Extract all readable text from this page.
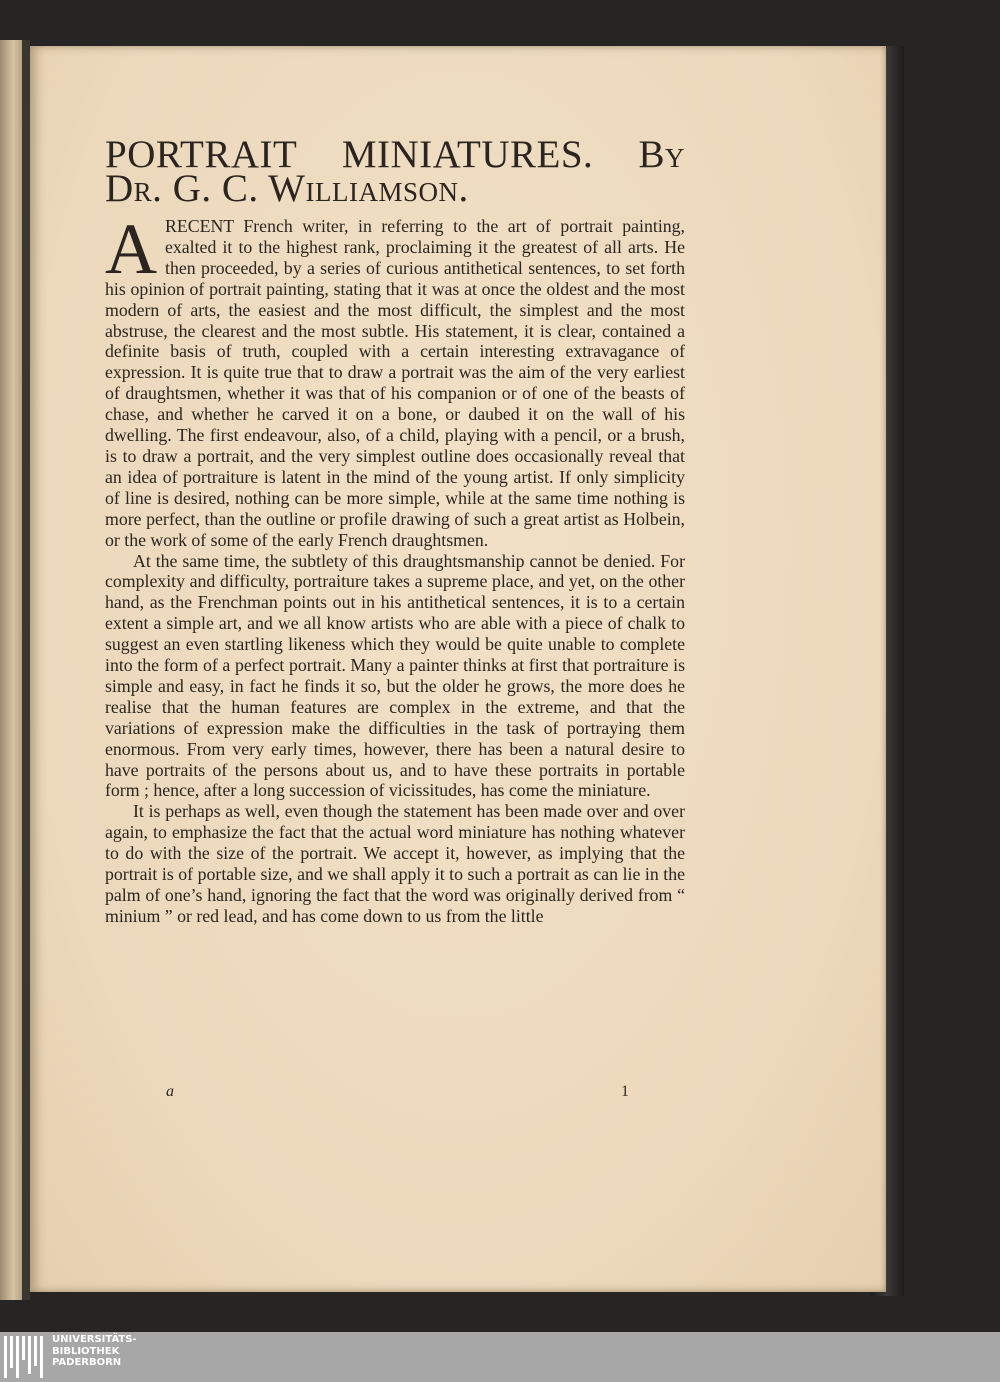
PORTRAIT MINIATURES. By
Dr. G. C. Williamson.

ARECENT French writer, in referring to the art of portrait painting, exalted it to the highest rank, proclaiming it the greatest of all arts. He then proceeded, by a series of curious antithetical sentences, to set forth his opinion of portrait painting, stating that it was at once the oldest and the most modern of arts, the easiest and the most difficult, the simplest and the most abstruse, the clearest and the most subtle. His statement, it is clear, contained a definite basis of truth, coupled with a certain interesting extravagance of expression. It is quite true that to draw a portrait was the aim of the very earliest of draughtsmen, whether it was that of his companion or of one of the beasts of chase, and whether he carved it on a bone, or daubed it on the wall of his dwelling. The first endeavour, also, of a child, playing with a pencil, or a brush, is to draw a portrait, and the very simplest outline does occasionally reveal that an idea of portraiture is latent in the mind of the young artist. If only simplicity of line is desired, nothing can be more simple, while at the same time nothing is more perfect, than the outline or profile drawing of such a great artist as Holbein, or the work of some of the early French draughtsmen.

At the same time, the subtlety of this draughtsmanship cannot be denied. For complexity and difficulty, portraiture takes a supreme place, and yet, on the other hand, as the Frenchman points out in his antithetical sentences, it is to a certain extent a simple art, and we all know artists who are able with a piece of chalk to suggest an even startling likeness which they would be quite unable to complete into the form of a perfect portrait. Many a painter thinks at first that portraiture is simple and easy, in fact he finds it so, but the older he grows, the more does he realise that the human features are complex in the extreme, and that the variations of expression make the difficulties in the task of portraying them enormous. From very early times, however, there has been a natural desire to have portraits of the persons about us, and to have these portraits in portable form ; hence, after a long succession of vicissitudes, has come the miniature.

It is perhaps as well, even though the statement has been made over and over again, to emphasize the fact that the actual word miniature has nothing whatever to do with the size of the portrait. We accept it, however, as implying that the portrait is of portable size, and we shall apply it to such a portrait as can lie in the palm of one’s hand, ignoring the fact that the word was originally derived from “ minium ” or red lead, and has come down to us from the little

a	1
UNIVERSITÄTS-
BIBLIOTHEK
PADERBORN
